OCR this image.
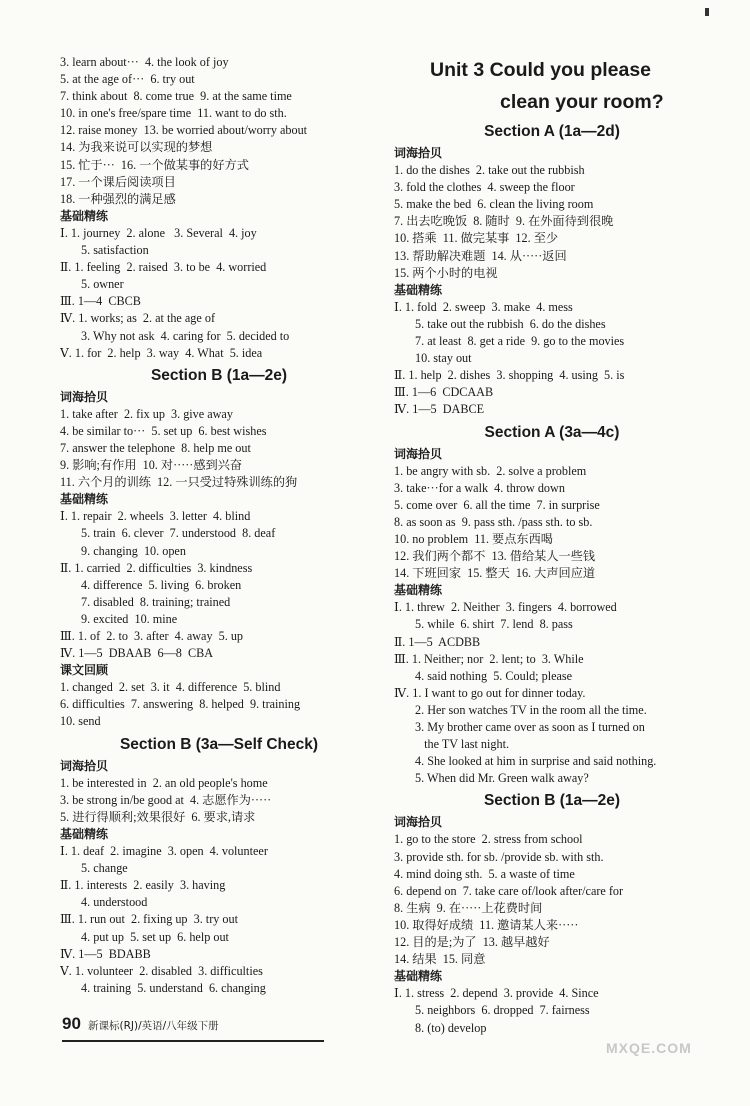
3. learn about···  4. the look of joy
5. at the age of···  6. try out
7. think about  8. come true  9. at the same time
10. in one's free/spare time  11. want to do sth.
12. raise money  13. be worried about/worry about
14. 为我来说可以实现的梦想
15. 忙于···  16. 一个做某事的好方式
17. 一个课后阅读项目
18. 一种强烈的满足感
基础精练
Ⅰ. 1. journey  2. alone   3. Several  4. joy
5. satisfaction
Ⅱ. 1. feeling  2. raised  3. to be  4. worried
5. owner
Ⅲ. 1—4  CBCB
Ⅳ. 1. works; as  2. at the age of
3. Why not ask  4. caring for  5. decided to
Ⅴ. 1. for  2. help  3. way  4. What  5. idea
Section B (1a—2e)
词海拾贝
1. take after  2. fix up  3. give away
4. be similar to···  5. set up  6. best wishes
7. answer the telephone  8. help me out
9. 影响;有作用  10. 对·····感到兴奋
11. 六个月的训练  12. 一只受过特殊训练的狗
基础精练
Ⅰ. 1. repair  2. wheels  3. letter  4. blind
5. train  6. clever  7. understood  8. deaf
9. changing  10. open
Ⅱ. 1. carried  2. difficulties  3. kindness
4. difference  5. living  6. broken
7. disabled  8. training; trained
9. excited  10. mine
Ⅲ. 1. of  2. to  3. after  4. away  5. up
Ⅳ. 1—5  DBAAB  6—8  CBA
课文回顾
1. changed  2. set  3. it  4. difference  5. blind
6. difficulties  7. answering  8. helped  9. training
10. send
Section B (3a—Self Check)
词海拾贝
1. be interested in  2. an old people's home
3. be strong in/be good at  4. 志愿作为·····
5. 进行得顺利;效果很好  6. 要求,请求
基础精练
Ⅰ. 1. deaf  2. imagine  3. open  4. volunteer
5. change
Ⅱ. 1. interests  2. easily  3. having
4. understood
Ⅲ. 1. run out  2. fixing up  3. try out
4. put up  5. set up  6. help out
Ⅳ. 1—5  BDABB
Ⅴ. 1. volunteer  2. disabled  3. difficulties
4. training  5. understand  6. changing
Unit 3 Could you please
clean your room?
Section A (1a—2d)
词海拾贝
1. do the dishes  2. take out the rubbish
3. fold the clothes  4. sweep the floor
5. make the bed  6. clean the living room
7. 出去吃晚饭  8. 随时  9. 在外面待到很晚
10. 搭乘  11. 做完某事  12. 至少
13. 帮助解决难题  14. 从·····返回
15. 两个小时的电视
基础精练
Ⅰ. 1. fold  2. sweep  3. make  4. mess
5. take out the rubbish  6. do the dishes
7. at least  8. get a ride  9. go to the movies
10. stay out
Ⅱ. 1. help  2. dishes  3. shopping  4. using  5. is
Ⅲ. 1—6  CDCAAB
Ⅳ. 1—5  DABCE
Section A (3a—4c)
词海拾贝
1. be angry with sb.  2. solve a problem
3. take···for a walk  4. throw down
5. come over  6. all the time  7. in surprise
8. as soon as  9. pass sth. /pass sth. to sb.
10. no problem  11. 要点东西喝
12. 我们两个都不  13. 借给某人一些钱
14. 下班回家  15. 整天  16. 大声回应道
基础精练
Ⅰ. 1. threw  2. Neither  3. fingers  4. borrowed
5. while  6. shirt  7. lend  8. pass
Ⅱ. 1—5  ACDBB
Ⅲ. 1. Neither; nor  2. lent; to  3. While
4. said nothing  5. Could; please
Ⅳ. 1. I want to go out for dinner today.
2. Her son watches TV in the room all the time.
3. My brother came over as soon as I turned on
the TV last night.
4. She looked at him in surprise and said nothing.
5. When did Mr. Green walk away?
Section B (1a—2e)
词海拾贝
1. go to the store  2. stress from school
3. provide sth. for sb. /provide sb. with sth.
4. mind doing sth.  5. a waste of time
6. depend on  7. take care of/look after/care for
8. 生病  9. 在·····上花费时间
10. 取得好成绩  11. 邀请某人来·····
12. 目的是;为了  13. 越早越好
14. 结果  15. 同意
基础精练
Ⅰ. 1. stress  2. depend  3. provide  4. Since
5. neighbors  6. dropped  7. fairness
8. (to) develop
90 新课标(RJ)/英语/八年级下册
MXQE.COM
